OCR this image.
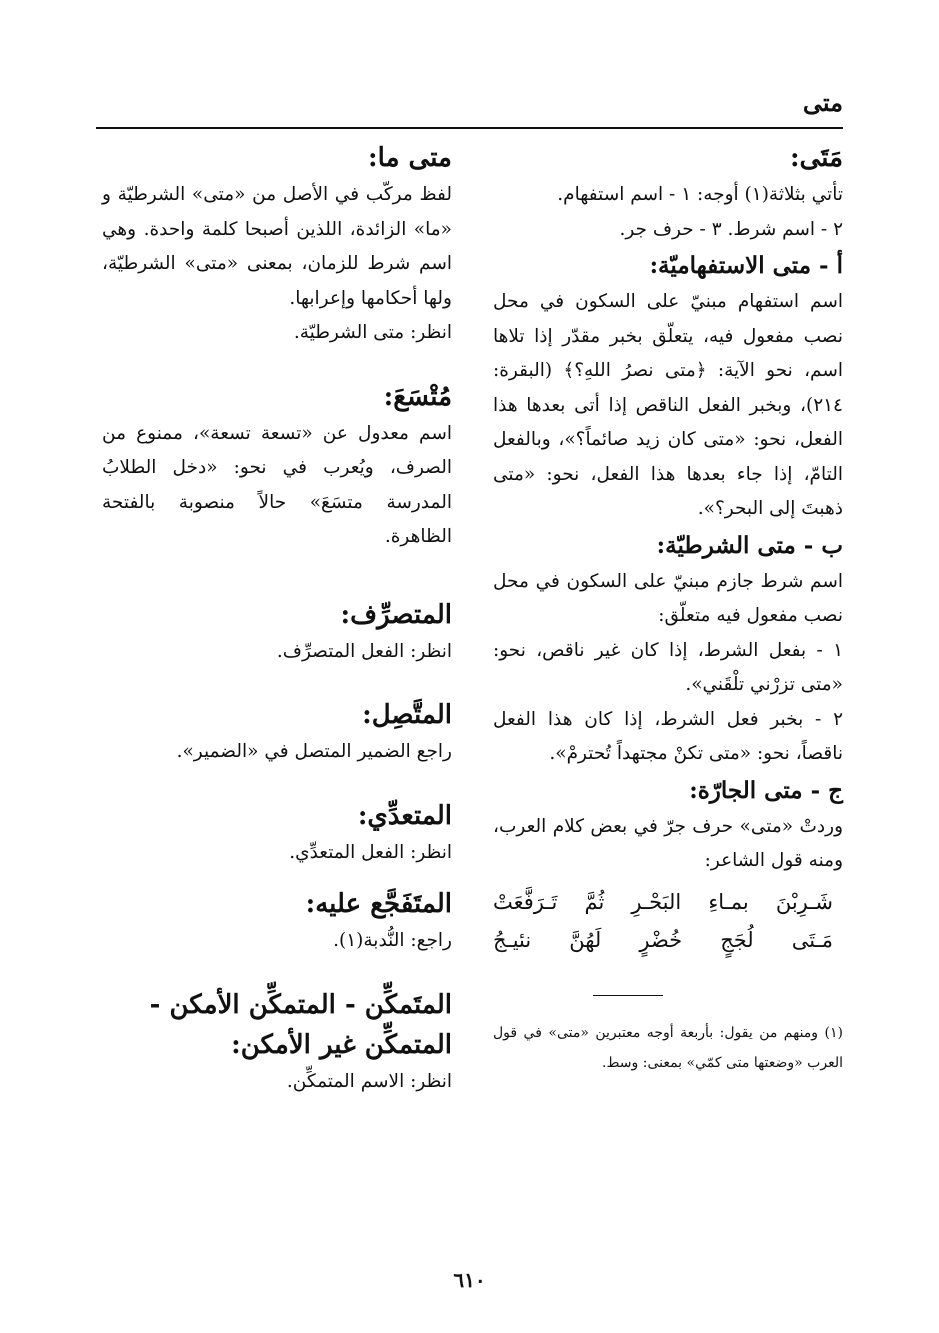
متى
مَتَى:

تأتي بثلاثة(١) أوجه: ١ - اسم استفهام.

٢ - اسم شرط. ٣ - حرف جر.

أ - متى الاستفهاميّة:

اسم استفهام مبنيّ على السكون في محل نصب مفعول فيه، يتعلّق بخبر مقدّر إذا تلاها اسم، نحو الآية: ﴿متى نصرُ اللهِ؟﴾ (البقرة: ٢١٤)، وبخبر الفعل الناقص إذا أتى بعدها هذا الفعل، نحو: «متى كان زيد صائماً؟»، وبالفعل التامّ، إذا جاء بعدها هذا الفعل، نحو: «متى ذهبتَ إلى البحر؟».

ب - متى الشرطيّة:

اسم شرط جازم مبنيّ على السكون في محل نصب مفعول فيه متعلّق:

١ - بفعل الشرط، إذا كان غير ناقص، نحو: «متى تزرْني تلْقَني».

٢ - بخبر فعل الشرط، إذا كان هذا الفعل ناقصاً، نحو: «متى تكنْ مجتهداً تُحترمْ».

ج - متى الجارّة:

وردتْ «متى» حرف جرّ في بعض كلام العرب، ومنه قول الشاعر:

شَـرِبْنَ بمـاءِ البَحْـرِ ثُمَّ تَـرَفَّعَتْ
مَـتَى لُجَجٍ خُضْرٍ لَهُنَّ نئيـجُ
(١) ومنهم من يقول: بأربعة أوجه معتبرين «متى» في قول العرب «وضعتها متى كمّي» بمعنى: وسط.
متى ما:

لفظ مركّب في الأصل من «متى» الشرطيّة و «ما» الزائدة، اللذين أصبحا كلمة واحدة. وهي اسم شرط للزمان، بمعنى «متى» الشرطيّة، ولها أحكامها وإعرابها.

انظر: متى الشرطيّة.

مُتْسَعَ:

اسم معدول عن «تسعة تسعة»، ممنوع من الصرف، ويُعرب في نحو: «دخل الطلابُ المدرسة متسَعَ» حالاً منصوبة بالفتحة الظاهرة.

المتصرِّف:

انظر: الفعل المتصرِّف.

المتَّصِل:

راجع الضمير المتصل في «الضمير».

المتعدِّي:

انظر: الفعل المتعدِّي.

المتَفَجَّع عليه:

راجع: النُّدبة(١).

المتَمكِّن - المتمكِّن الأمكن - المتمكِّن غير الأمكن:

انظر: الاسم المتمكِّن.

٦١٠
